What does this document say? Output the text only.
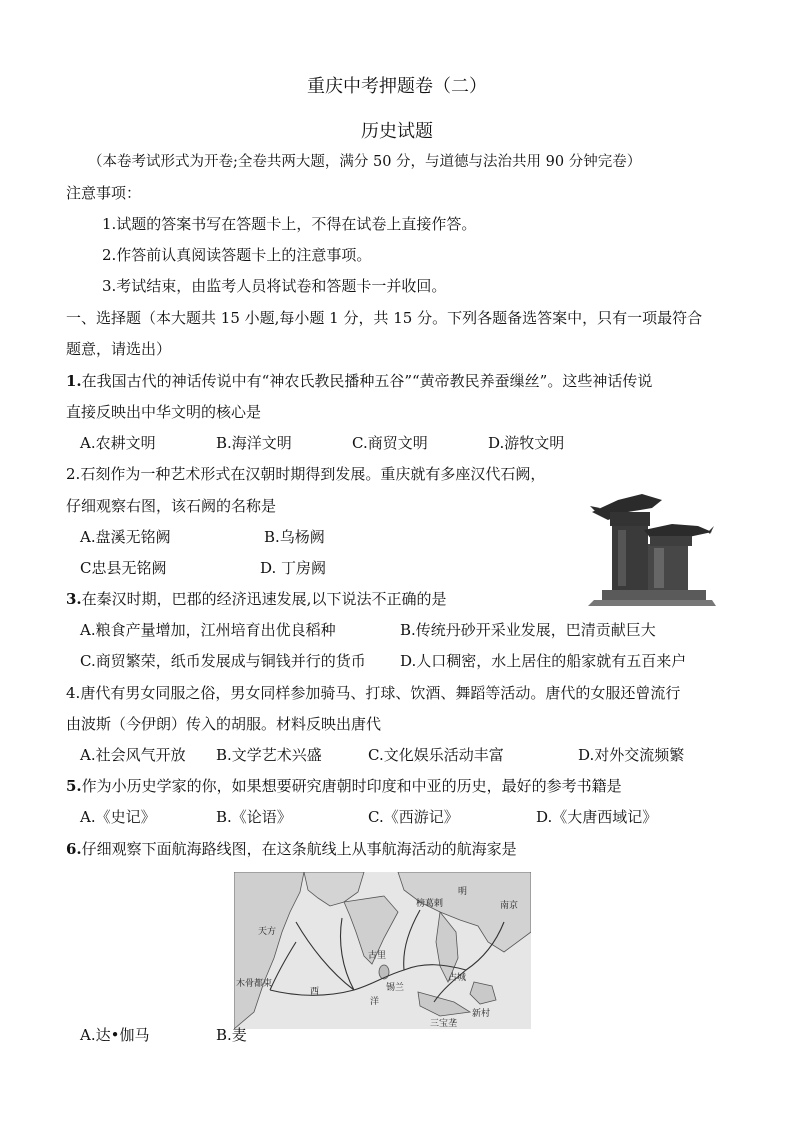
重庆中考押题卷（二）
历史试题
（本卷考试形式为开卷;全卷共两大题，满分 50 分，与道德与法治共用 90 分钟完卷）
注意事项：
1.试题的答案书写在答题卡上，不得在试卷上直接作答。
2.作答前认真阅读答题卡上的注意事项。
3.考试结束，由监考人员将试卷和答题卡一并收回。
一、选择题（本大题共 15 小题,每小题 1 分，共 15 分。下列各题备选答案中，只有一项最符合
题意，请选出）
1.在我国古代的神话传说中有“神农氏教民播种五谷”“黄帝教民养蚕缫丝”。这些神话传说
直接反映出中华文明的核心是
A.农耕文明	B.海洋文明	C.商贸文明	D.游牧文明
2.石刻作为一种艺术形式在汉朝时期得到发展。重庆就有多座汉代石阙，
仔细观察右图，该石阙的名称是
A.盘溪无铭阙	B.乌杨阙
C忠县无铭阙	D. 丁房阙
3.在秦汉时期，巴郡的经济迅速发展,以下说法不正确的是
A.粮食产量增加，江州培育出优良稻种	B.传统丹砂开采业发展，巴清贡献巨大
C.商贸繁荣，纸币发展成与铜钱并行的货币 D.人口稠密，水上居住的船家就有五百来户
4.唐代有男女同服之俗，男女同样参加骑马、打球、饮酒、舞蹈等活动。唐代的女服还曾流行
由波斯（今伊朗）传入的胡服。材料反映出唐代
A.社会风气开放 B.文学艺术兴盛	C.文化娱乐活动丰富	D.对外交流频繁
5.作为小历史学家的你，如果想要研究唐朝时印度和中亚的历史，最好的参考书籍是
A.《史记》	B.《论语》	C.《西游记》	D.《大唐西域记》
6.仔细观察下面航海路线图，在这条航线上从事航海活动的航海家是
明
南京
天方
古里
锡兰
占城
木骨都束
西
洋
三宝垄
新村
榜葛剌
A.达•伽马	B.麦
